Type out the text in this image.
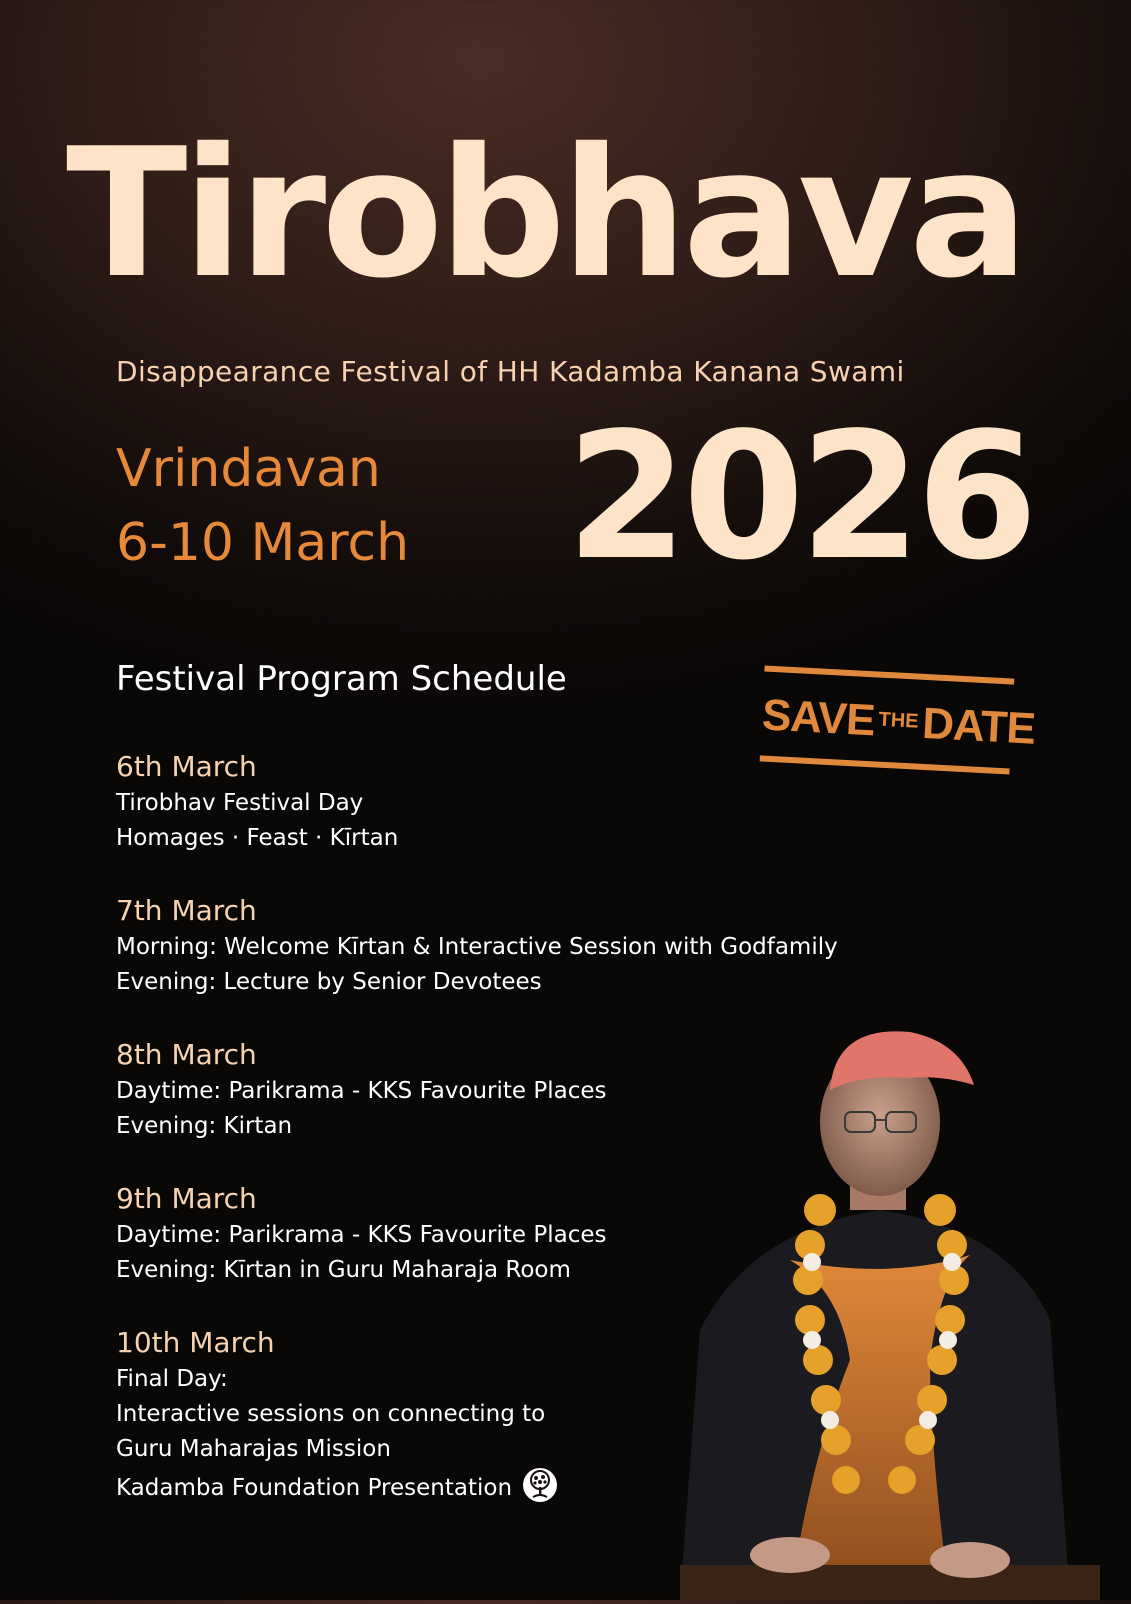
Tirobhava

Disappearance Festival of HH Kadamba Kanana Swami

Vrindavan
6-10 March 2026
Festival Program Schedule
SAVE $^{THE}$DATE
6th March
Tirobhav Festival Day
Homages · Feast · Kīrtan
7th March
Morning: Welcome Kīrtan & Interactive Session with Godfamily
Evening: Lecture by Senior Devotees
8th March
Daytime: Parikrama - KKS Favourite Places
Evening: Kirtan
9th March
Daytime: Parikrama - KKS Favourite Places
Evening: Kīrtan in Guru Maharaja Room
10th March
Final Day:
Interactive sessions on connecting to
Guru Maharajas Mission
Kadamba Foundation Presentation
